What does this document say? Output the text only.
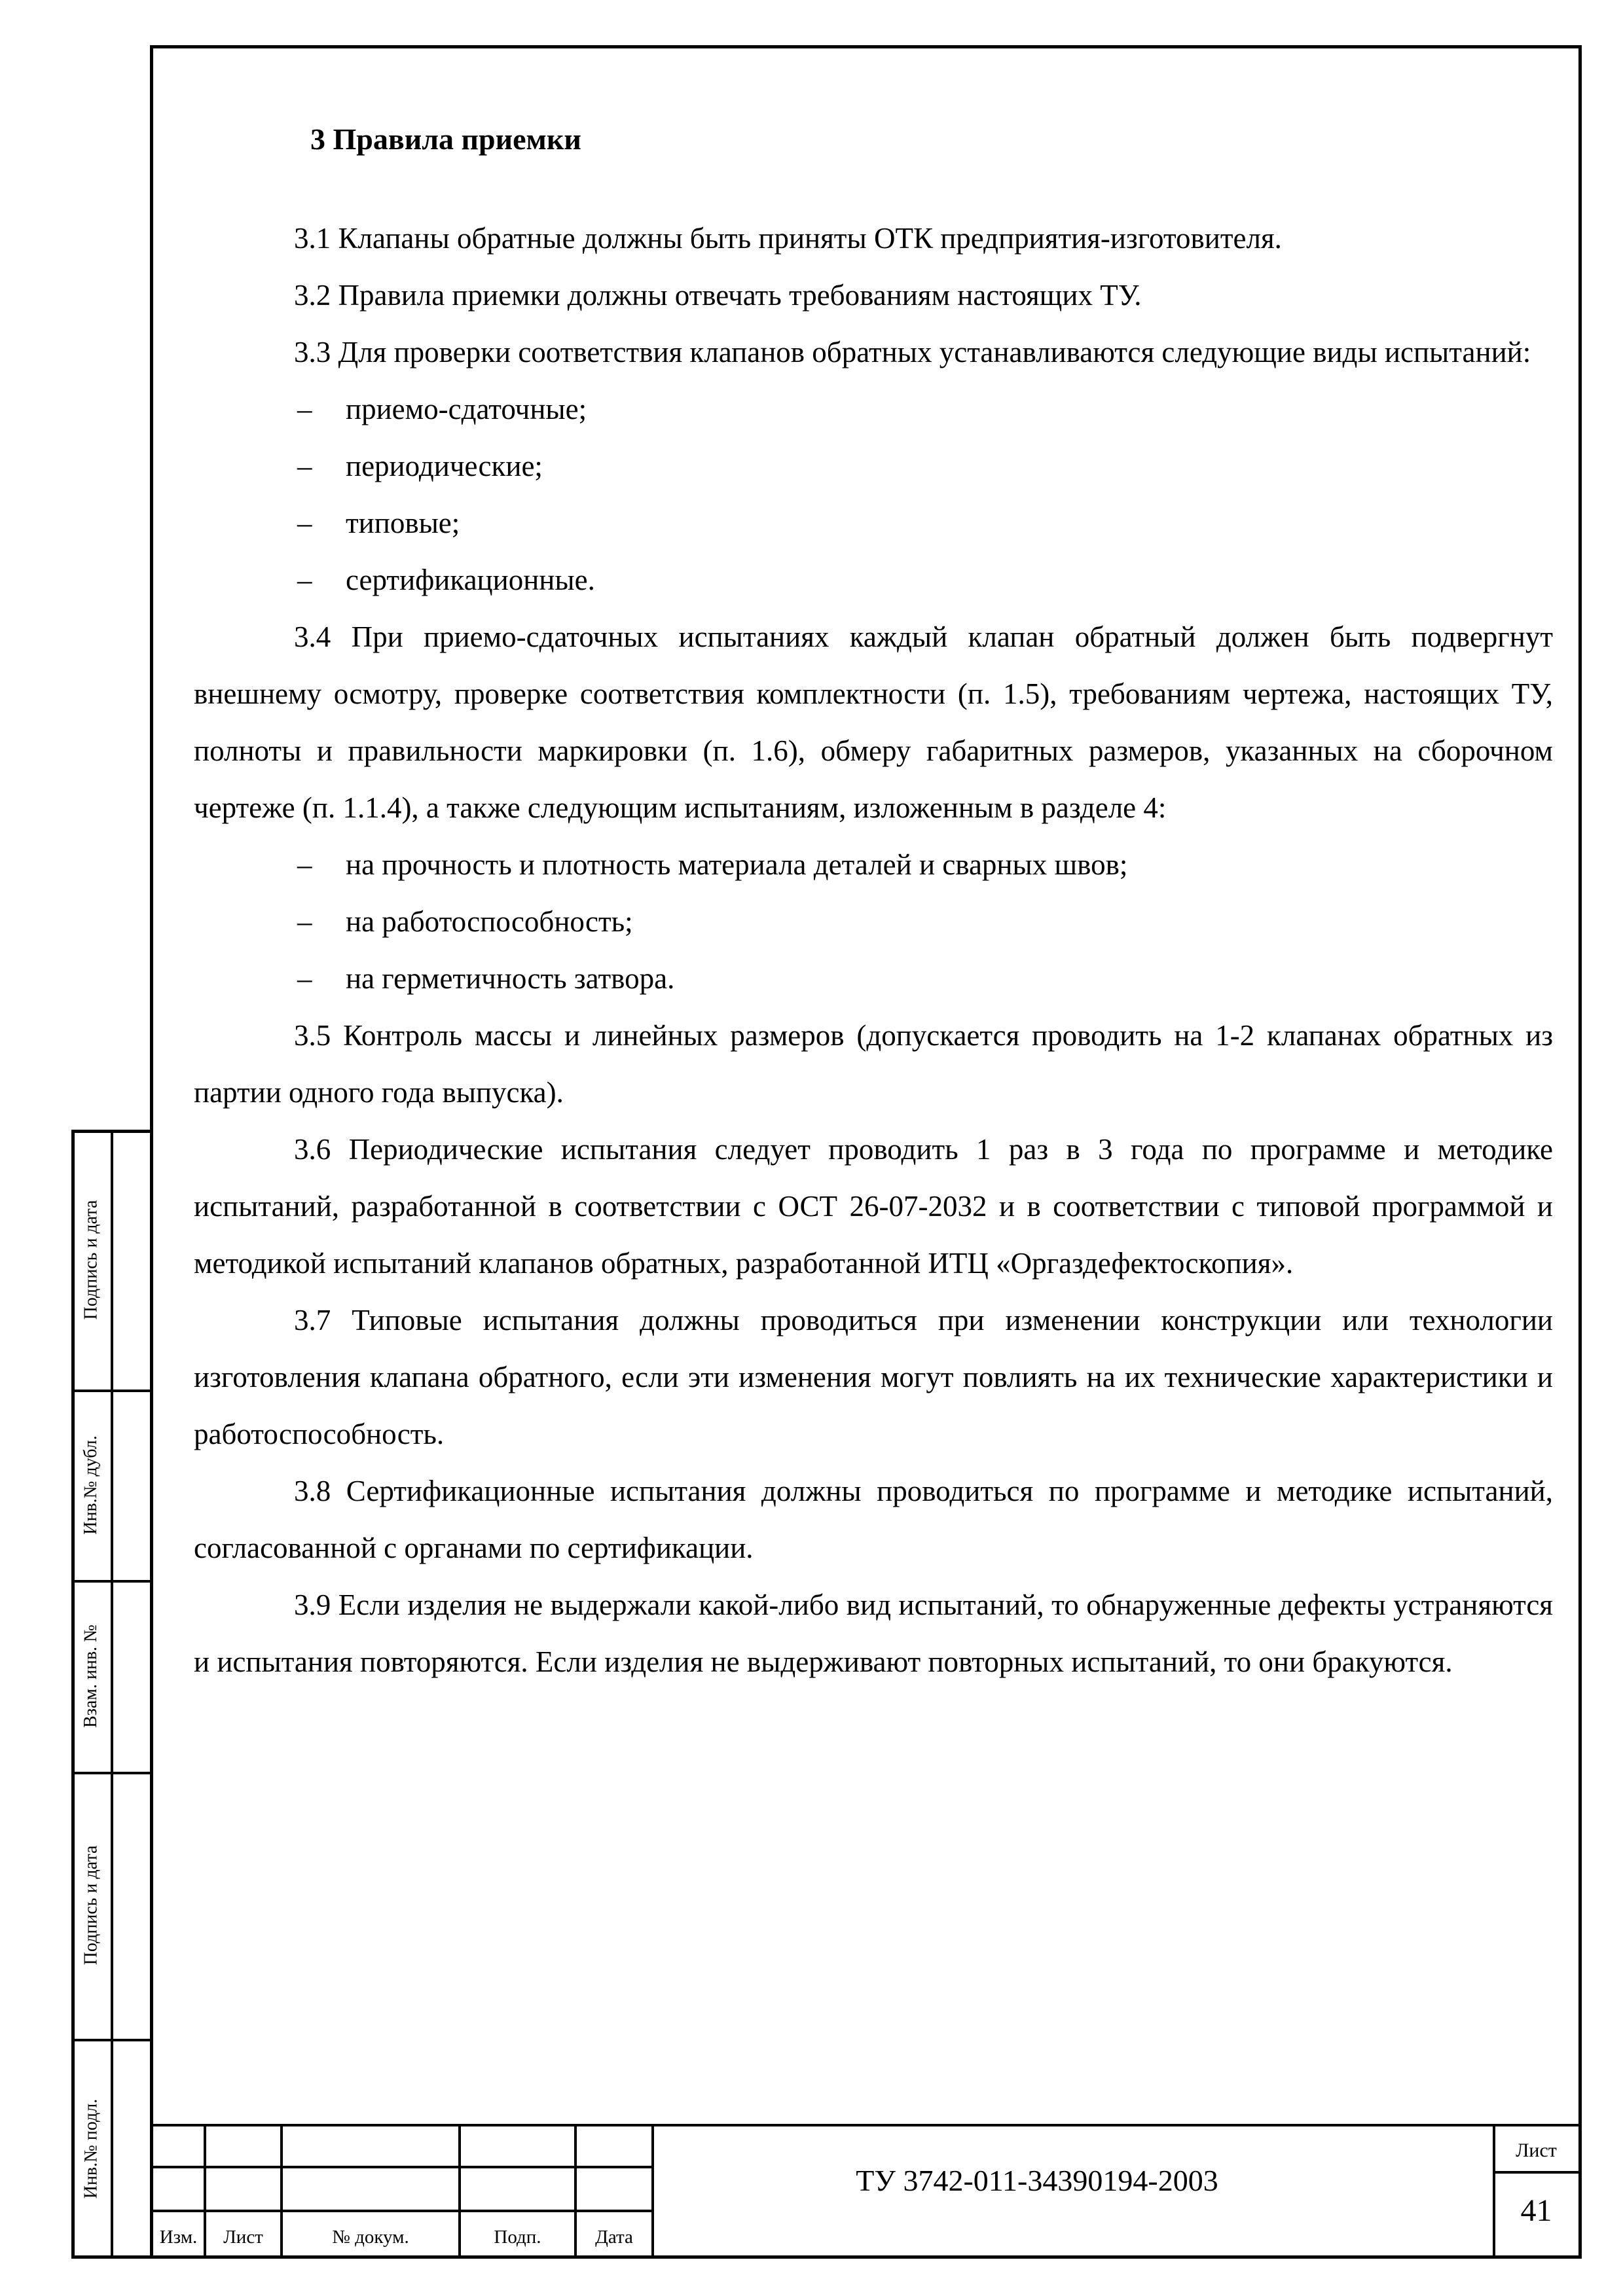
3 Правила приемки

3.1 Клапаны обратные должны быть приняты ОТК предприятия-изготовителя.

3.2 Правила приемки должны отвечать требованиям настоящих ТУ.

3.3 Для проверки соответствия клапанов обратных устанавливаются следующие виды испытаний:

– приемо-сдаточные;

– периодические;

– типовые;

– сертификационные.

3.4 При приемо-сдаточных испытаниях каждый клапан обратный должен быть подвергнут внешнему осмотру, проверке соответствия комплектности (п. 1.5), требованиям чертежа, настоящих ТУ, полноты и правильности маркировки (п. 1.6), обмеру габаритных размеров, указанных на сборочном чертеже (п. 1.1.4), а также следующим испытаниям, изложенным в разделе 4:

– на прочность и плотность материала деталей и сварных швов;

– на работоспособность;

– на герметичность затвора.

3.5 Контроль массы и линейных размеров (допускается проводить на 1-2 клапанах обратных из партии одного года выпуска).

3.6 Периодические испытания следует проводить 1 раз в 3 года по программе и методике испытаний, разработанной в соответствии с ОСТ 26-07-2032 и в соответствии с типовой программой и методикой испытаний клапанов обратных, разработанной ИТЦ «Оргаздефектоскопия».

3.7 Типовые испытания должны проводиться при изменении конструкции или технологии изготовления клапана обратного, если эти изменения могут повлиять на их технические характеристики и работоспособность.

3.8 Сертификационные испытания должны проводиться по программе и методике испытаний, согласованной с органами по сертификации.

3.9 Если изделия не выдержали какой-либо вид испытаний, то обнаруженные дефекты устраняются и испытания повторяются. Если изделия не выдерживают повторных испытаний, то они бракуются.

Подпись и дата
Инв.№ дубл.
Взам. инв. №
Подпись и дата
Инв.№ подл.
Изм.	Лист	№ докум.	Подп.	Дата
ТУ 3742-011-34390194-2003
Лист
41
